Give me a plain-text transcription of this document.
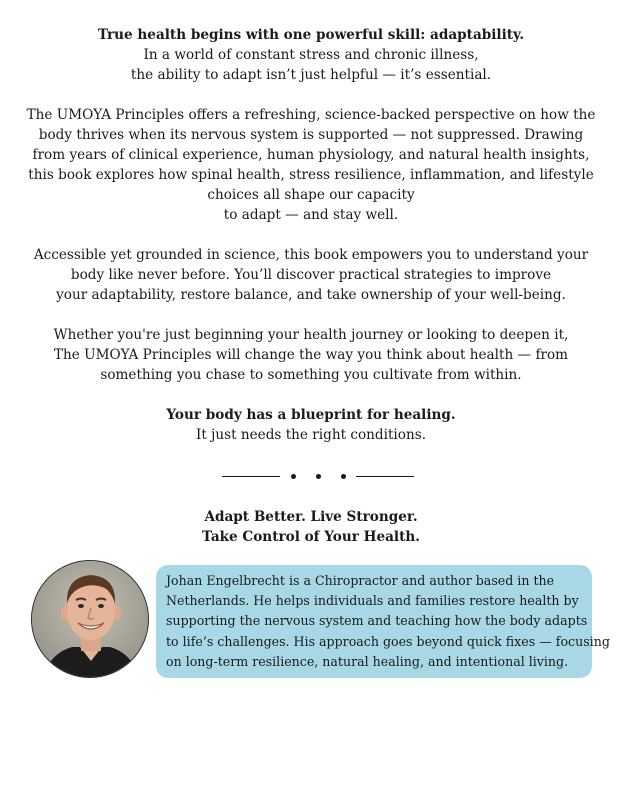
True health begins with one powerful skill: adaptability.
In a world of constant stress and chronic illness,
the ability to adapt isn’t just helpful — it’s essential.
The UMOYA Principles offers a refreshing, science-backed perspective on how the
body thrives when its nervous system is supported — not suppressed. Drawing
from years of clinical experience, human physiology, and natural health insights,
this book explores how spinal health, stress resilience, inflammation, and lifestyle
choices all shape our capacity
to adapt — and stay well.
Accessible yet grounded in science, this book empowers you to understand your
body like never before. You’ll discover practical strategies to improve
your adaptability, restore balance, and take ownership of your well-being.
Whether you're just beginning your health journey or looking to deepen it,
The UMOYA Principles will change the way you think about health — from
something you chase to something you cultivate from within.
Your body has a blueprint for healing.
It just needs the right conditions.
Adapt Better. Live Stronger.
Take Control of Your Health.
Johan Engelbrecht is a Chiropractor and author based in the
Netherlands. He helps individuals and families restore health by
supporting the nervous system and teaching how the body adapts
to life’s challenges. His approach goes beyond quick fixes — focusing
on long-term resilience, natural healing, and intentional living.
